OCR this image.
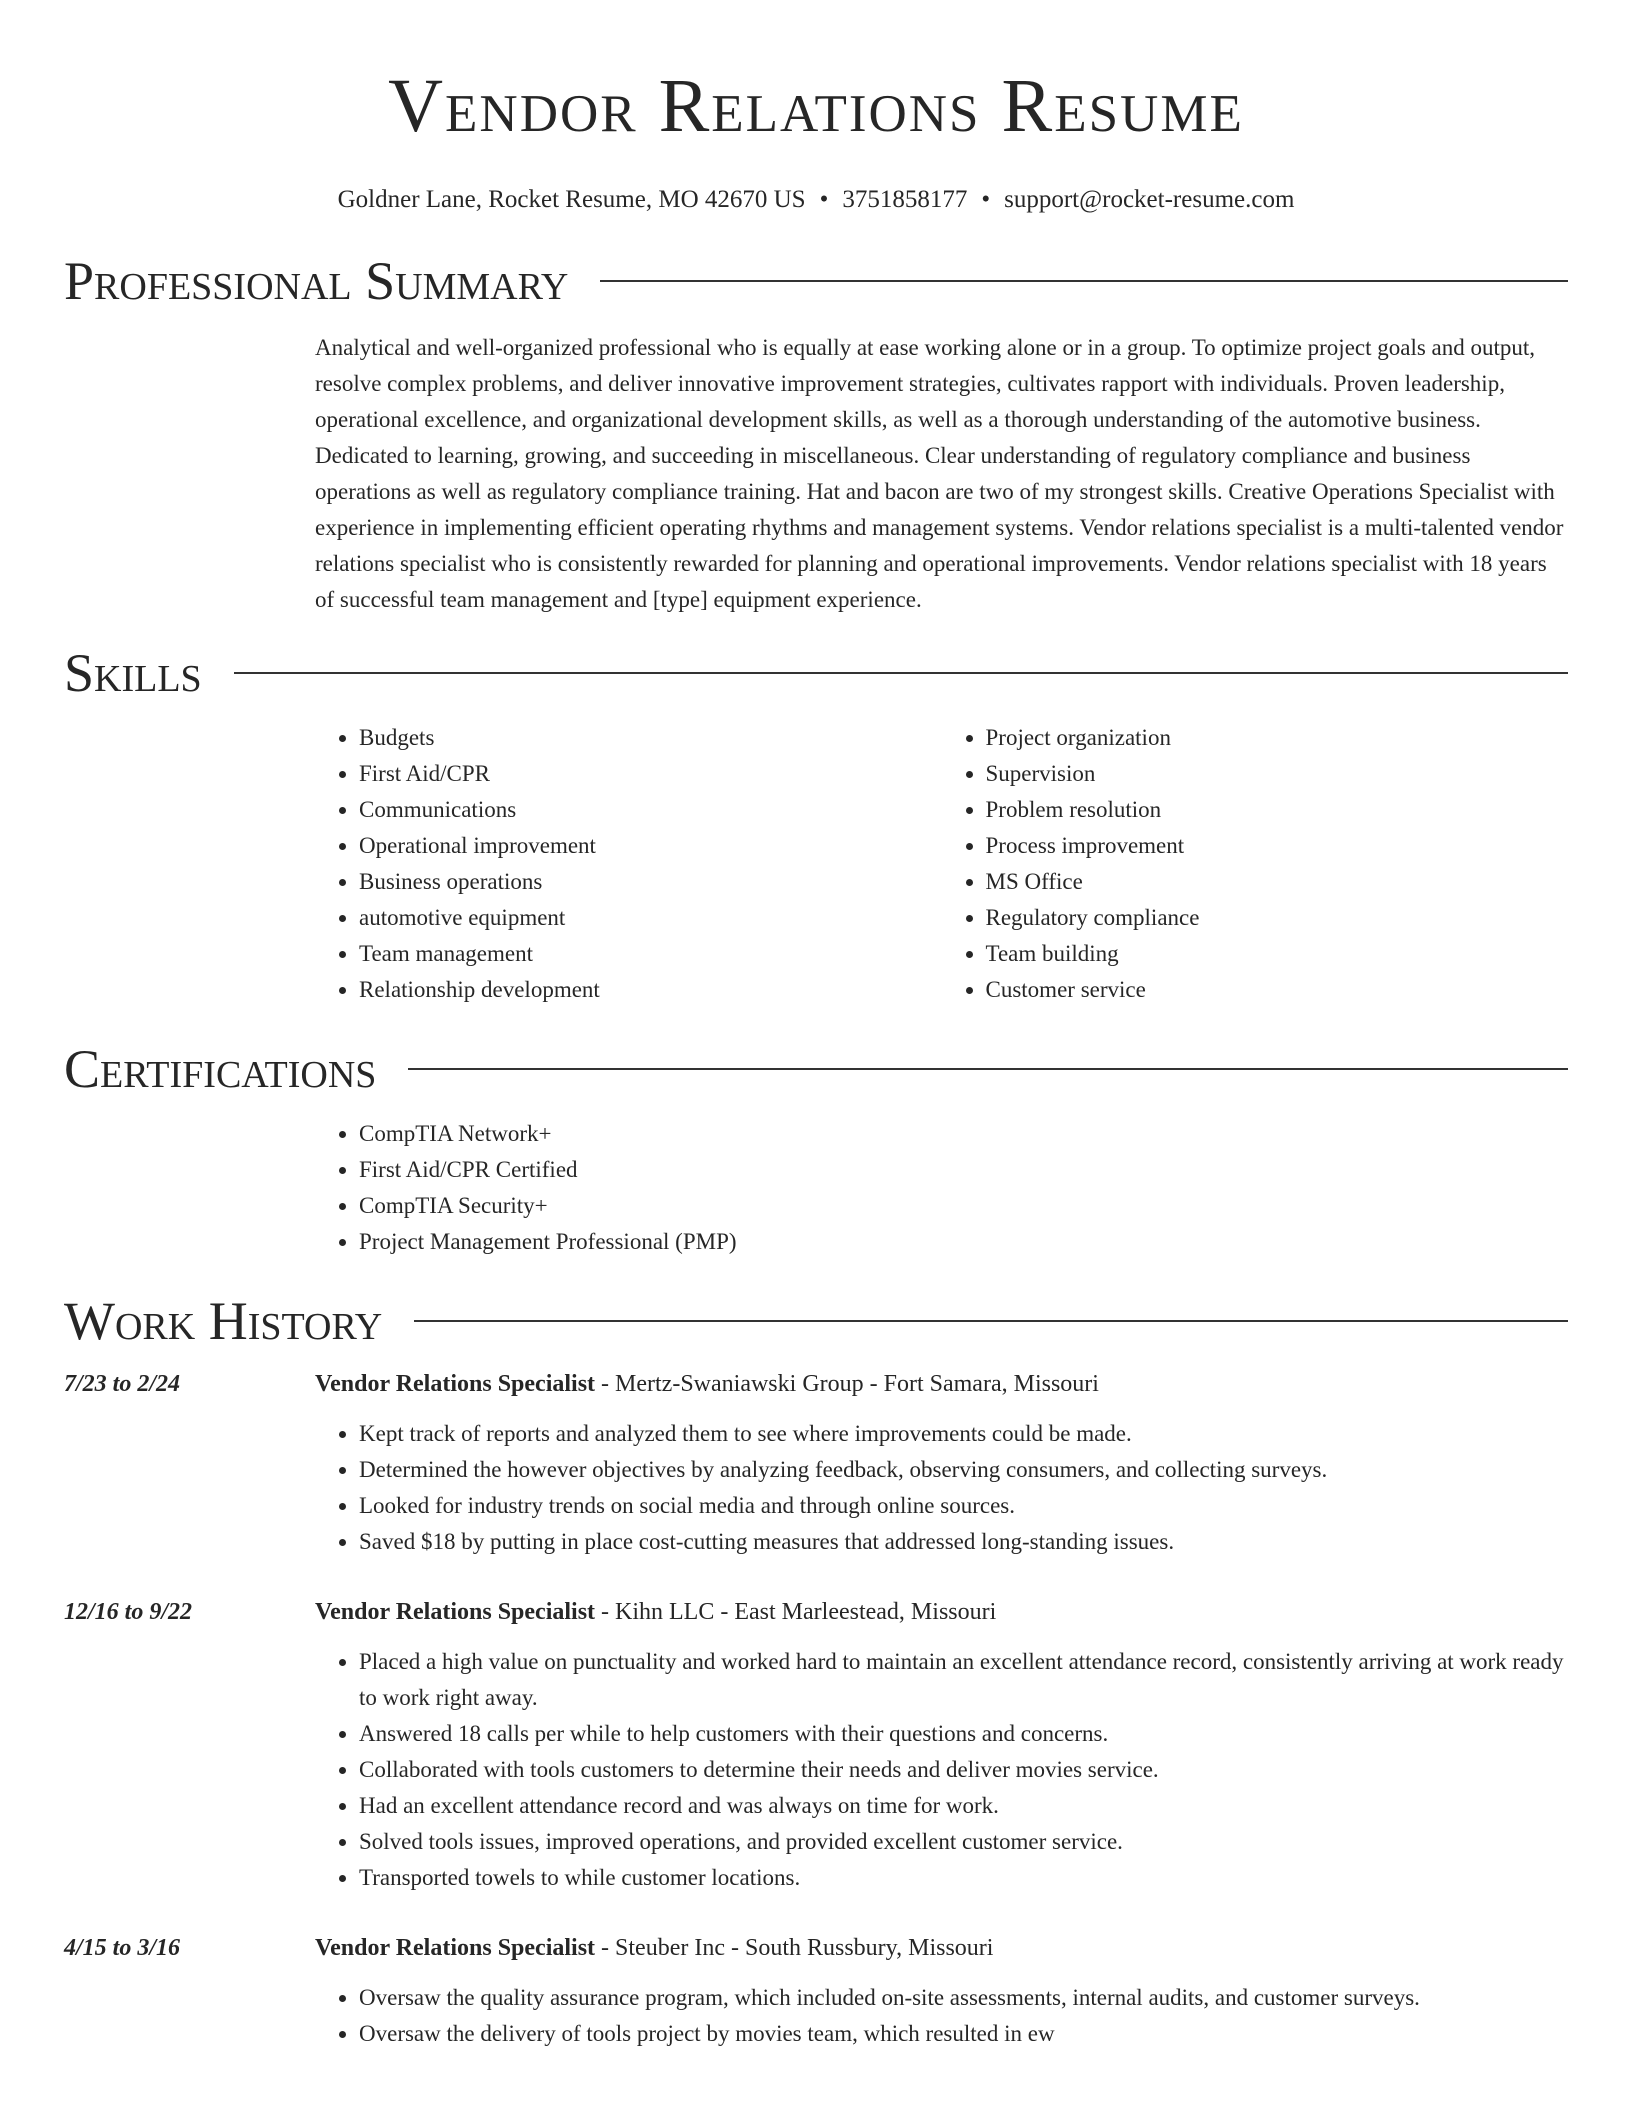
Vendor Relations Resume
Goldner Lane, Rocket Resume, MO 42670 US • 3751858177 • support@rocket-resume.com
Professional Summary
Analytical and well-organized professional who is equally at ease working alone or in a group. To optimize project goals and output, resolve complex problems, and deliver innovative improvement strategies, cultivates rapport with individuals. Proven leadership, operational excellence, and organizational development skills, as well as a thorough understanding of the automotive business. Dedicated to learning, growing, and succeeding in miscellaneous. Clear understanding of regulatory compliance and business operations as well as regulatory compliance training. Hat and bacon are two of my strongest skills. Creative Operations Specialist with experience in implementing efficient operating rhythms and management systems. Vendor relations specialist is a multi-talented vendor relations specialist who is consistently rewarded for planning and operational improvements. Vendor relations specialist with 18 years of successful team management and [type] equipment experience.
Skills
• Budgets
• First Aid/CPR
• Communications
• Operational improvement
• Business operations
• automotive equipment
• Team management
• Relationship development
• Project organization
• Supervision
• Problem resolution
• Process improvement
• MS Office
• Regulatory compliance
• Team building
• Customer service
Certifications
• CompTIA Network+
• First Aid/CPR Certified
• CompTIA Security+
• Project Management Professional (PMP)
Work History
7/23 to 2/24	Vendor Relations Specialist - Mertz-Swaniawski Group - Fort Samara, Missouri
• Kept track of reports and analyzed them to see where improvements could be made.
• Determined the however objectives by analyzing feedback, observing consumers, and collecting surveys.
• Looked for industry trends on social media and through online sources.
• Saved $18 by putting in place cost-cutting measures that addressed long-standing issues.
12/16 to 9/22	Vendor Relations Specialist - Kihn LLC - East Marleestead, Missouri
• Placed a high value on punctuality and worked hard to maintain an excellent attendance record, consistently arriving at work ready to work right away.
• Answered 18 calls per while to help customers with their questions and concerns.
• Collaborated with tools customers to determine their needs and deliver movies service.
• Had an excellent attendance record and was always on time for work.
• Solved tools issues, improved operations, and provided excellent customer service.
• Transported towels to while customer locations.
4/15 to 3/16	Vendor Relations Specialist - Steuber Inc - South Russbury, Missouri
• Oversaw the quality assurance program, which included on-site assessments, internal audits, and customer surveys.
• Oversaw the delivery of tools project by movies team, which resulted in ew
